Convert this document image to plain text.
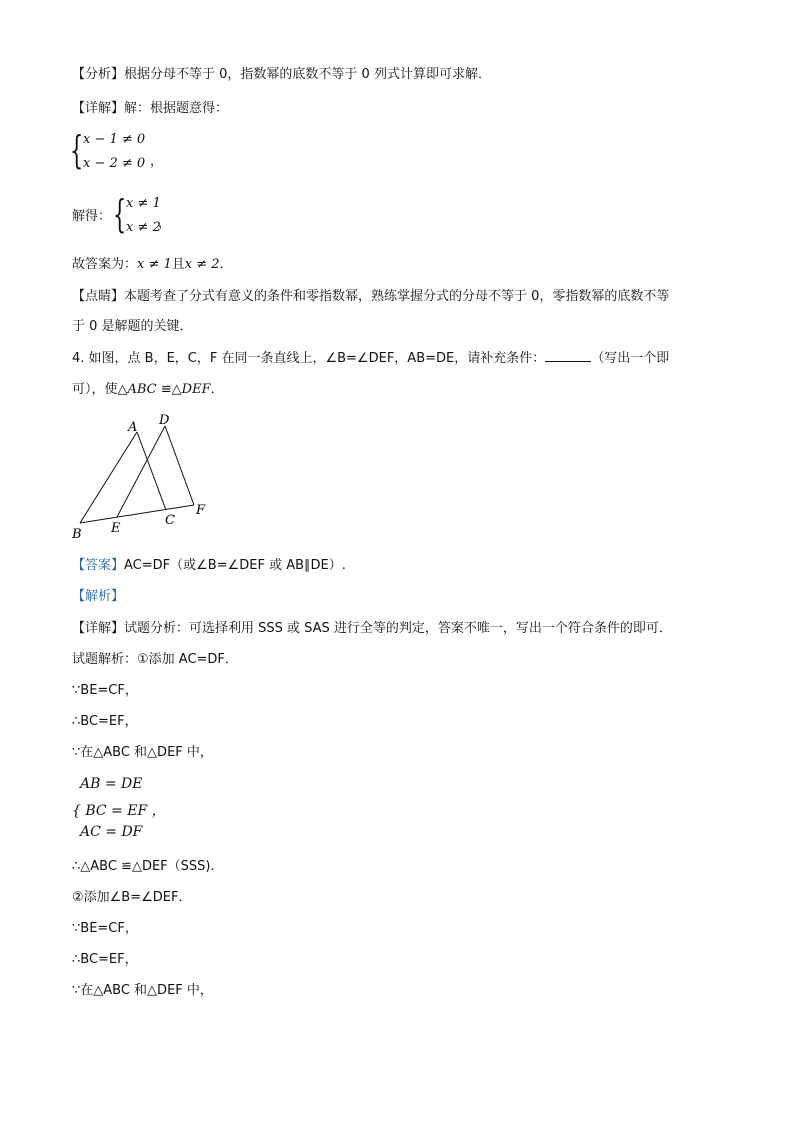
【分析】根据分母不等于 0，指数幂的底数不等于 0 列式计算即可求解．
【详解】解：根据题意得：
{ x − 1 ≠ 0
x − 2 ≠ 0 ，
解得： { x ≠ 1
x ≠ 2
，
故答案为：x ≠ 1且x ≠ 2．
【点睛】本题考查了分式有意义的条件和零指数幂，熟练掌握分式的分母不等于 0，零指数幂的底数不等
于 0 是解题的关键．
4. 如图，点 B，E，C，F 在同一条直线上，∠B=∠DEF，AB=DE，请补充条件：	（写出一个即
可），使△ABC ≌△DEF．
A D
B E
C
F
【答案】AC=DF（或∠B=∠DEF 或 AB∥DE）.
【解析】
【详解】试题分析：可选择利用 SSS 或 SAS 进行全等的判定，答案不唯一，写出一个符合条件的即可．
试题解析：①添加 AC=DF．
∵BE=CF，
∴BC=EF，
∵在△ABC 和△DEF 中，
AB = DE
{ BC = EF ，
AC = DF
∴△ABC ≌△DEF（SSS).
②添加∠B=∠DEF．
∵BE=CF，
∴BC=EF，
∵在△ABC 和△DEF 中，
